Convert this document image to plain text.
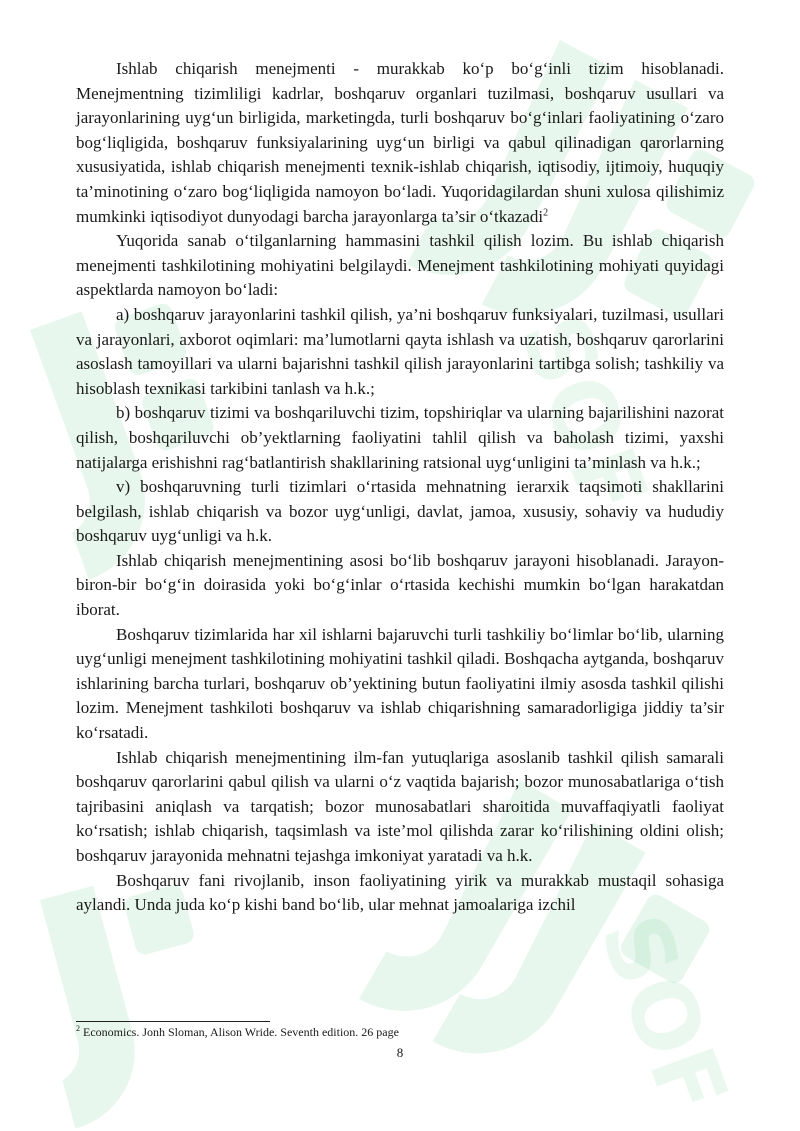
SOF
SOF

Ishlab chiqarish menejmenti - murakkab ko‘p bo‘g‘inli tizim hisoblanadi. Menejmentning tizimliligi kadrlar, boshqaruv organlari tuzilmasi, boshqaruv usullari va jarayonlarining uyg‘un birligida, marketingda, turli boshqaruv bo‘g‘inlari faoliyatining o‘zaro bog‘liqligida, boshqaruv funksiyalarining uyg‘un birligi va qabul qilinadigan qarorlarning xususiyatida, ishlab chiqarish menejmenti texnik-ishlab chiqarish, iqtisodiy, ijtimoiy, huquqiy ta’minotining o‘zaro bog‘liqligida namoyon bo‘ladi. Yuqoridagilardan shuni xulosa qilishimiz mumkinki iqtisodiyot dunyodagi barcha jarayonlarga ta’sir o‘tkazadi$^2$

Yuqorida sanab o‘tilganlarning hammasini tashkil qilish lozim. Bu ishlab chiqarish menejmenti tashkilotining mohiyatini belgilaydi. Menejment tashkilotining mohiyati quyidagi aspektlarda namoyon bo‘ladi:

a) boshqaruv jarayonlarini tashkil qilish, ya’ni boshqaruv funksiyalari, tuzilmasi, usullari va jarayonlari, axborot oqimlari: ma’lumotlarni qayta ishlash va uzatish, boshqaruv qarorlarini asoslash tamoyillari va ularni bajarishni tashkil qilish jarayonlarini tartibga solish; tashkiliy va hisoblash texnikasi tarkibini tanlash va h.k.;

b) boshqaruv tizimi va boshqariluvchi tizim, topshiriqlar va ularning bajarilishini nazorat qilish, boshqariluvchi ob’yektlarning faoliyatini tahlil qilish va baholash tizimi, yaxshi natijalarga erishishni rag‘batlantirish shakllarining ratsional uyg‘unligini ta’minlash va h.k.;

v) boshqaruvning turli tizimlari o‘rtasida mehnatning ierarxik taqsimoti shakllarini belgilash, ishlab chiqarish va bozor uyg‘unligi, davlat, jamoa, xususiy, sohaviy va hududiy boshqaruv uyg‘unligi va h.k.

Ishlab chiqarish menejmentining asosi bo‘lib boshqaruv jarayoni hisoblanadi. Jarayon-biron-bir bo‘g‘in doirasida yoki bo‘g‘inlar o‘rtasida kechishi mumkin bo‘lgan harakatdan iborat.

Boshqaruv tizimlarida har xil ishlarni bajaruvchi turli tashkiliy bo‘limlar bo‘lib, ularning uyg‘unligi menejment tashkilotining mohiyatini tashkil qiladi. Boshqacha aytganda, boshqaruv ishlarining barcha turlari, boshqaruv ob’yektining butun faoliyatini ilmiy asosda tashkil qilishi lozim. Menejment tashkiloti boshqaruv va ishlab chiqarishning samaradorligiga jiddiy ta’sir ko‘rsatadi.

Ishlab chiqarish menejmentining ilm-fan yutuqlariga asoslanib tashkil qilish samarali boshqaruv qarorlarini qabul qilish va ularni o‘z vaqtida bajarish; bozor munosabatlariga o‘tish tajribasini aniqlash va tarqatish; bozor munosabatlari sharoitida muvaffaqiyatli faoliyat ko‘rsatish; ishlab chiqarish, taqsimlash va iste’mol qilishda zarar ko‘rilishining oldini olish; boshqaruv jarayonida mehnatni tejashga imkoniyat yaratadi va h.k.

Boshqaruv fani rivojlanib, inson faoliyatining yirik va murakkab mustaqil sohasiga aylandi. Unda juda ko‘p kishi band bo‘lib, ular mehnat jamoalariga izchil

$^2$ Economics. Jonh Sloman, Alison Wride. Seventh edition. 26 page
8
